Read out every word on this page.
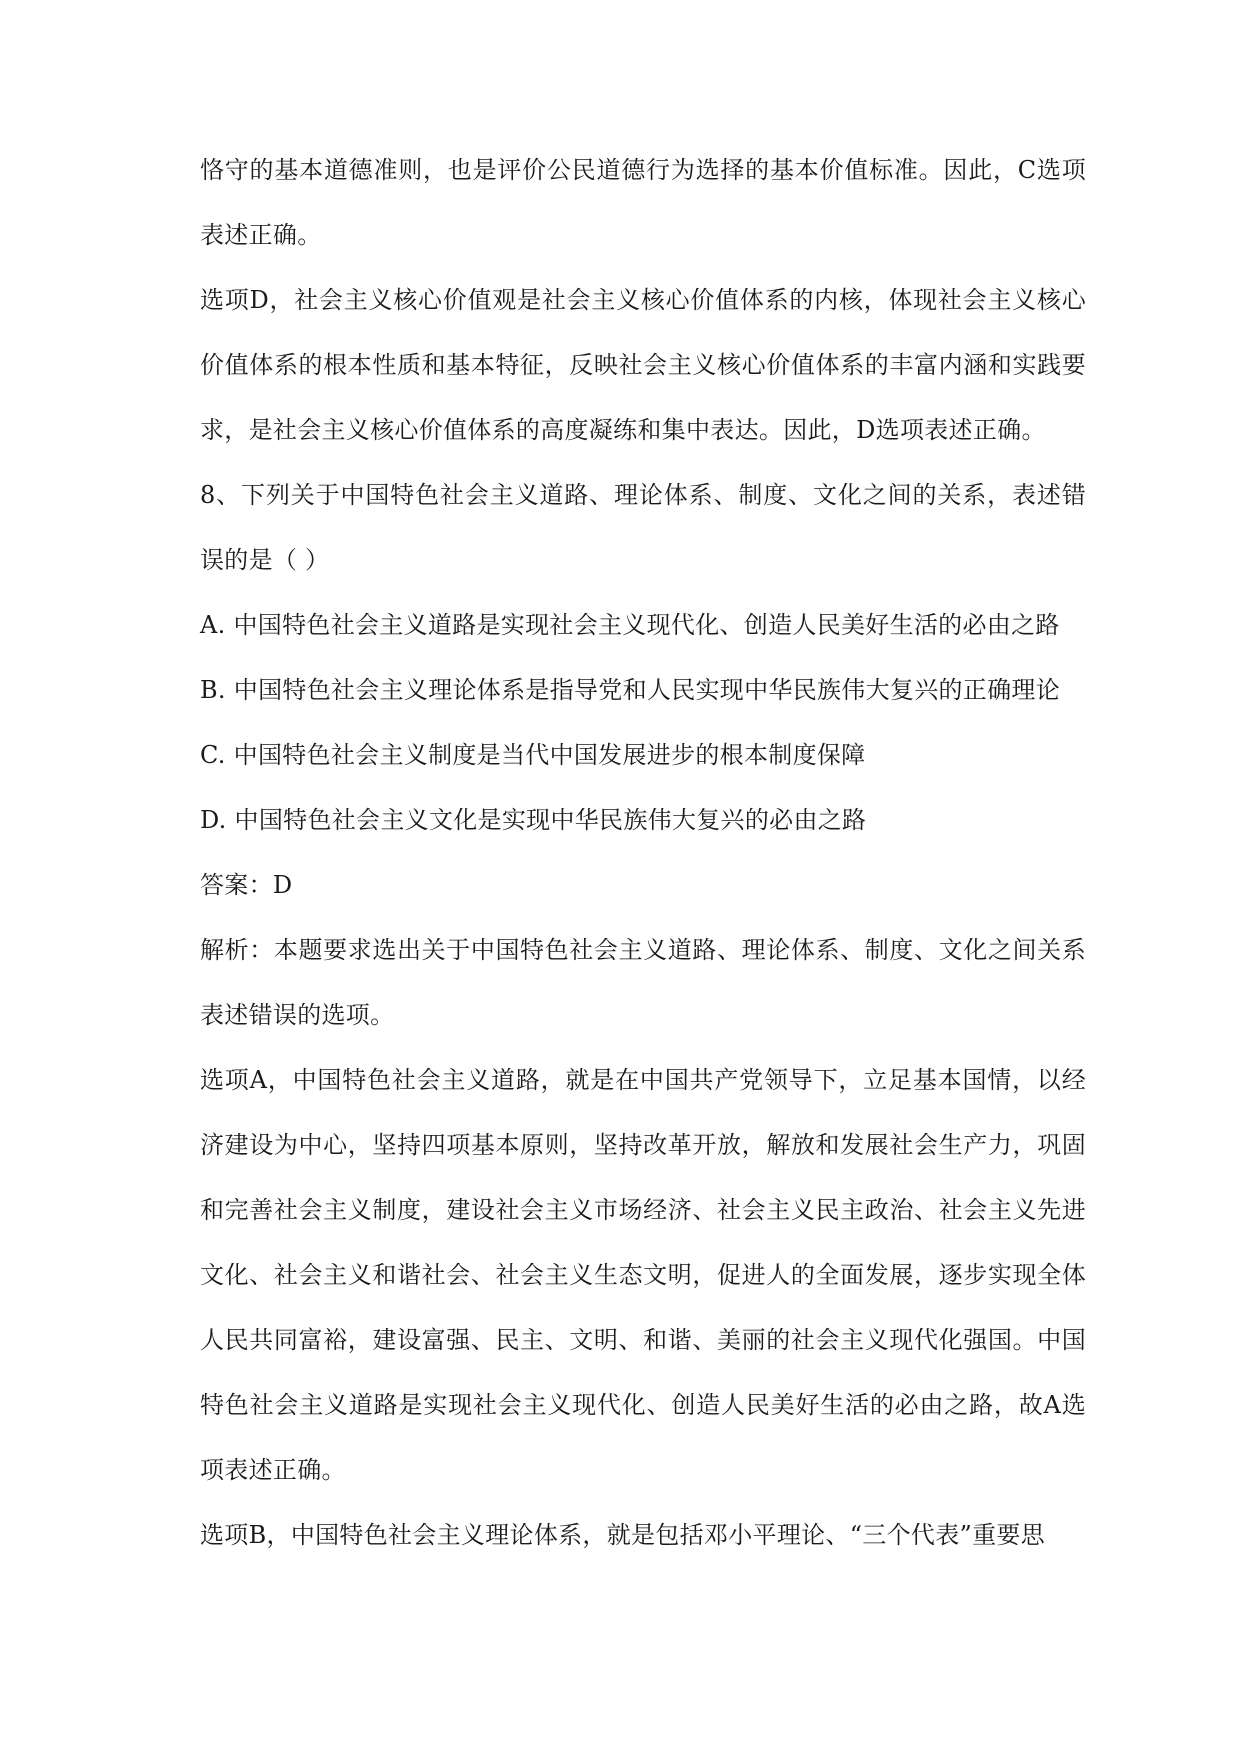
恪守的基本道德准则，也是评价公民道德行为选择的基本价值标准。因此，C选项表述正确。

选项D，社会主义核心价值观是社会主义核心价值体系的内核，体现社会主义核心价值体系的根本性质和基本特征，反映社会主义核心价值体系的丰富内涵和实践要求，是社会主义核心价值体系的高度凝练和集中表达。因此，D选项表述正确。

8、下列关于中国特色社会主义道路、理论体系、制度、文化之间的关系，表述错误的是（ ）

A. 中国特色社会主义道路是实现社会主义现代化、创造人民美好生活的必由之路

B. 中国特色社会主义理论体系是指导党和人民实现中华民族伟大复兴的正确理论

C. 中国特色社会主义制度是当代中国发展进步的根本制度保障

D. 中国特色社会主义文化是实现中华民族伟大复兴的必由之路

答案：D

解析：本题要求选出关于中国特色社会主义道路、理论体系、制度、文化之间关系表述错误的选项。

选项A，中国特色社会主义道路，就是在中国共产党领导下，立足基本国情，以经济建设为中心，坚持四项基本原则，坚持改革开放，解放和发展社会生产力，巩固和完善社会主义制度，建设社会主义市场经济、社会主义民主政治、社会主义先进文化、社会主义和谐社会、社会主义生态文明，促进人的全面发展，逐步实现全体人民共同富裕，建设富强、民主、文明、和谐、美丽的社会主义现代化强国。中国特色社会主义道路是实现社会主义现代化、创造人民美好生活的必由之路，故A选项表述正确。

选项B，中国特色社会主义理论体系，就是包括邓小平理论、“三个代表”重要思
